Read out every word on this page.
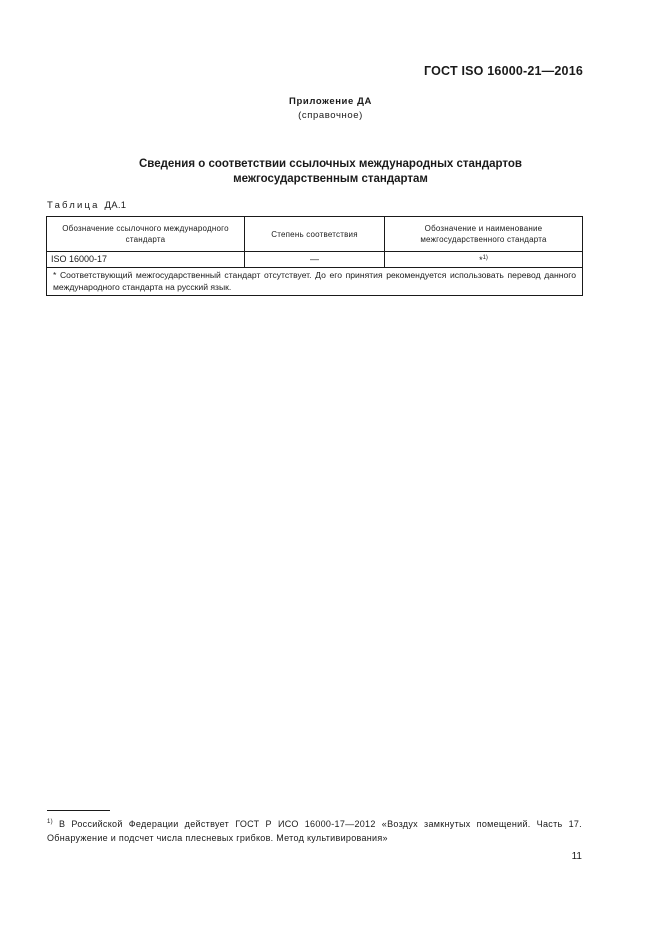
ГОСТ ISO 16000-21—2016
Приложение ДА
(справочное)
Сведения о соответствии ссылочных международных стандартов
межгосударственным стандартам
Таблица ДА.1
Обозначение ссылочного международного стандарта	Степень соответствия	Обозначение и наименование межгосударственного стандарта
ISO 16000-17	—	*$^{1)}$
* Соответствующий межгосударственный стандарт отсутствует. До его принятия рекомендуется использовать перевод данного международного стандарта на русский язык.		
$^{1)}$ В Российской Федерации действует ГОСТ Р ИСО 16000-17—2012 «Воздух замкнутых помещений. Часть 17. Обнаружение и подсчет числа плесневых грибков. Метод культивирования»
11
